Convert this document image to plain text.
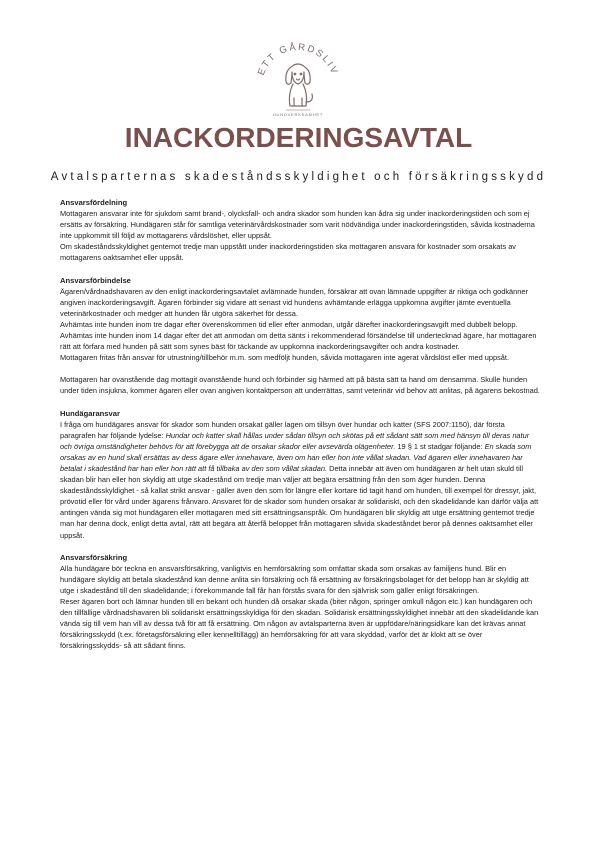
ETT GÅRDSLIV
HUNDVERKSAMHET
INACKORDERINGSAVTAL

Avtalsparternas skadeståndsskyldighet och försäkringsskydd

Ansvarsfördelning

Mottagaren ansvarar inte för sjukdom samt brand-, olycksfall- och andra skador som hunden kan ådra sig under inackorderingstiden och som ej ersätts av försäkring. Hundägaren står för samtliga veterinärvårdskostnader som varit nödvändiga under inackorderingstiden, såvida kostnaderna inte uppkommit till följd av mottagarens vårdslöshet, eller uppsåt.

Om skadeståndsskyldighet gentemot tredje man uppstått under inackorderingstiden ska mottagaren ansvara för kostnader som orsakats av mottagarens oaktsamhet eller uppsåt.

Ansvarsförbindelse

Ägaren/vårdnadshavaren av den enligt inackorderingsavtalet avlämnade hunden, försäkrar att ovan lämnade uppgifter är riktiga och godkänner angiven inackorderingsavgift. Ägaren förbinder sig vidare att senast vid hundens avhämtande erlägga uppkomna avgifter jämte eventuella veterinärkostnader och medger att hunden får utgöra säkerhet för dessa.

Avhämtas inte hunden inom tre dagar efter överenskommen tid eller efter anmodan, utgår därefter inackorderingsavgift med dubbelt belopp.

Avhämtas inte hunden inom 14 dagar efter det att anmodan om detta sänts i rekommenderad försändelse till undertecknad ägare, har mottagaren rätt att förfara med hunden på sätt som synes bäst för täckande av uppkomna inackorderingsavgifter och andra kostnader.

Mottagaren fritas från ansvar för utrustning/tillbehör m.m. som medföljt hunden, såvida mottagaren inte agerat vårdslöst eller med uppsåt.

Mottagaren har ovanstående dag mottagit ovanstående hund och förbinder sig härmed att på bästa sätt ta hand om densamma. Skulle hunden under tiden insjukna, kommer ägaren eller ovan angiven kontaktperson att underrättas, samt veterinär vid behov att anlitas, på ägarens bekostnad.

Hundägaransvar

I fråga om hundägares ansvar för skador som hunden orsakat gäller lagen om tillsyn över hundar och katter (SFS 2007:1150), där första paragrafen har följande lydelse: Hundar och katter skall hållas under sådan tillsyn och skötas på ett sådant sätt som med hänsyn till deras natur och övriga omständigheter behövs för att förebygga att de orsakar skador eller avsevärda olägenheter. 19 § 1 st stadgar följande: En skada som orsakas av en hund skall ersättas av dess ägare eller innehavare, även om han eller hon inte vållat skadan. Vad ägaren eller innehavaren har betalat i skadestånd har han eller hon rätt att få tillbaka av den som vållat skadan. Detta innebär att även om hundägaren är helt utan skuld till skadan blir han eller hon skyldig att utge skadestånd om tredje man väljer att begära ersättning från den som äger hunden. Denna skadeståndsskyldighet - så kallat strikt ansvar - gäller även den som för längre eller kortare tid tagit hand om hunden, till exempel för dressyr, jakt, prövotid eller för vård under ägarens frånvaro. Ansvaret för de skador som hunden orsakar är solidariskt, och den skadelidande kan därför välja att antingen vända sig mot hundägaren eller mottagaren med sitt ersättningsanspråk. Om hundägaren blir skyldig att utge ersättning gentemot tredje man har denna dock, enligt detta avtal, rätt att begära att återfå beloppet från mottagaren såvida skadeståndet beror på dennes oaktsamhet eller uppsåt.

Ansvarsförsäkring

Alla hundägare bör teckna en ansvarsförsäkring, vanligtvis en hemförsäkring som omfattar skada som orsakas av familjens hund. Blir en hundägare skyldig att betala skadestånd kan denne anlita sin försäkring och få ersättning av försäkringsbolaget för det belopp han är skyldig att utge i skadestånd till den skadelidande; i förekommande fall får han förstås svara för den självrisk som gäller enligt försäkringen.

Reser ägaren bort och lämnar hunden till en bekant och hunden då orsakar skada (biter någon, springer omkull någon etc.) kan hundägaren och den tillfällige vårdnadshavaren bli solidariskt ersättningsskyldiga för den skadan. Solidarisk ersättningsskyldighet innebär att den skadelidande kan vända sig till vem han vill av dessa två för att få ersättning. Om någon av avtalsparterna även är uppfödare/näringsidkare kan det krävas annat försäkringsskydd (t.ex. företagsförsäkring eller kennelltillägg) än hemförsäkring för att vara skyddad, varför det är klokt att se över försäkringsskydds- så att sådant finns.
